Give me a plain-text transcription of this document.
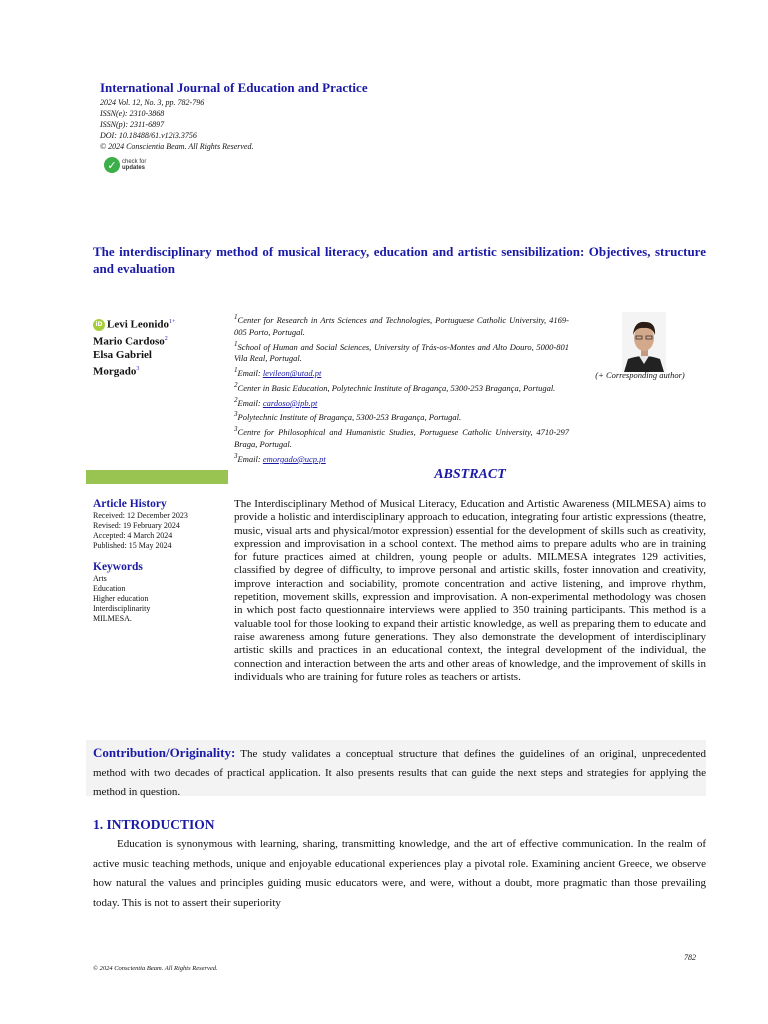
International Journal of Education and Practice
2024 Vol. 12, No. 3, pp. 782-796
ISSN(e): 2310-3868
ISSN(p): 2311-6897
DOI: 10.18488/61.v12i3.3756
© 2024 Conscientia Beam. All Rights Reserved.
✓ check for
updates
The interdisciplinary method of musical literacy, education and artistic sensibilization: Objectives, structure and evaluation
iD Levi Leonido$^{1+}$
Mario Cardoso$^2$
Elsa Gabriel
Morgado$^3$
$^1$Center for Research in Arts Sciences and Technologies, Portuguese Catholic University, 4169-005 Porto, Portugal.
$^1$School of Human and Social Sciences, University of Trás-os-Montes and Alto Douro, 5000-801 Vila Real, Portugal.
$^1$Email: levileon@utad.pt
$^2$Center in Basic Education, Polytechnic Institute of Bragança, 5300-253 Bragança, Portugal.
$^2$Email: cardoso@ipb.pt
$^3$Polytechnic Institute of Bragança, 5300-253 Bragança, Portugal.
$^3$Centre for Philosophical and Humanistic Studies, Portuguese Catholic University, 4710-297 Braga, Portugal.
$^3$Email: emorgado@ucp.pt
(+ Corresponding author)
ABSTRACT
Article History
Received: 12 December 2023
Revised: 19 February 2024
Accepted: 4 March 2024
Published: 15 May 2024
Keywords
Arts
Education
Higher education
Interdisciplinarity
MILMESA.
The Interdisciplinary Method of Musical Literacy, Education and Artistic Awareness (MILMESA) aims to provide a holistic and interdisciplinary approach to education, integrating four artistic expressions (theatre, music, visual arts and physical/motor expression) essential for the development of skills such as creativity, expression and improvisation in a school context. The method aims to prepare adults who are in training for future practices aimed at children, young people or adults. MILMESA integrates 129 activities, classified by degree of difficulty, to improve personal and artistic skills, foster innovation and creativity, improve interaction and sociability, promote concentration and active listening, and improve rhythm, repetition, movement skills, expression and improvisation. A non-experimental methodology was chosen in which post facto questionnaire interviews were applied to 350 training participants. This method is a valuable tool for those looking to expand their artistic knowledge, as well as preparing them to educate and raise awareness among future generations. They also demonstrate the development of interdisciplinary artistic skills and practices in an educational context, the integral development of the individual, the connection and interaction between the arts and other areas of knowledge, and the improvement of skills in individuals who are training for future roles as teachers or artists.
Contribution/Originality: The study validates a conceptual structure that defines the guidelines of an original, unprecedented method with two decades of practical application. It also presents results that can guide the next steps and strategies for applying the method in question.
1. INTRODUCTION
Education is synonymous with learning, sharing, transmitting knowledge, and the art of effective communication. In the realm of active music teaching methods, unique and enjoyable educational experiences play a pivotal role. Examining ancient Greece, we observe how natural the values and principles guiding music educators were, and were, without a doubt, more pragmatic than those prevailing today. This is not to assert their superiority
782
© 2024 Conscientia Beam. All Rights Reserved.
